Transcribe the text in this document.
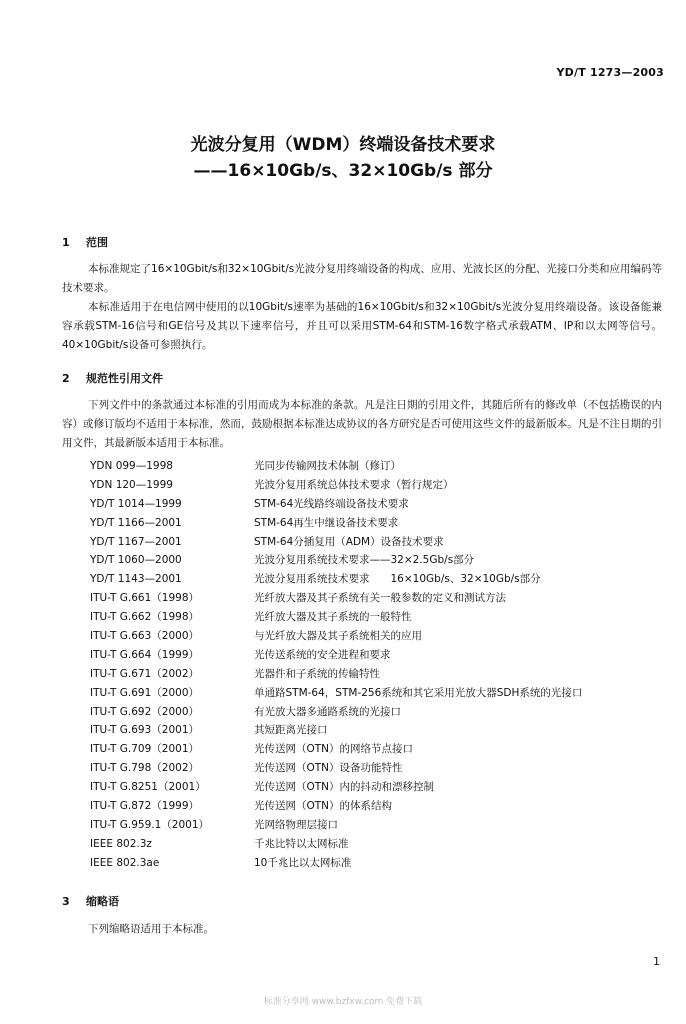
YD/T 1273—2003
光波分复用（WDM）终端设备技术要求
——16×10Gb/s、32×10Gb/s 部分
1 范围
本标准规定了16×10Gbit/s和32×10Gbit/s光波分复用终端设备的构成、应用、光波长区的分配、光接口分类和应用编码等技术要求。
本标准适用于在电信网中使用的以10Gbit/s速率为基础的16×10Gbit/s和32×10Gbit/s光波分复用终端设备。该设备能兼容承载STM-16信号和GE信号及其以下速率信号，并且可以采用STM-64和STM-16数字格式承载ATM、IP和以太网等信号。40×10Gbit/s设备可参照执行。
2 规范性引用文件
下列文件中的条款通过本标准的引用而成为本标准的条款。凡是注日期的引用文件，其随后所有的修改单（不包括勘误的内容）或修订版均不适用于本标准，然而，鼓励根据本标准达成协议的各方研究是否可使用这些文件的最新版本。凡是不注日期的引用文件，其最新版本适用于本标准。
YDN 099—1998	光同步传输网技术体制（修订）
YDN 120—1999	光波分复用系统总体技术要求（暂行规定）
YD/T 1014—1999	STM-64光线路终端设备技术要求
YD/T 1166—2001	STM-64再生中继设备技术要求
YD/T 1167—2001	STM-64分插复用（ADM）设备技术要求
YD/T 1060—2000	光波分复用系统技术要求——32×2.5Gb/s部分
YD/T 1143—2001	光波分复用系统技术要求　　16×10Gb/s、32×10Gb/s部分
ITU-T G.661（1998）	光纤放大器及其子系统有关一般参数的定义和测试方法
ITU-T G.662（1998）	光纤放大器及其子系统的一般特性
ITU-T G.663（2000）	与光纤放大器及其子系统相关的应用
ITU-T G.664（1999）	光传送系统的安全进程和要求
ITU-T G.671（2002）	光器件和子系统的传输特性
ITU-T G.691（2000）	单通路STM-64，STM-256系统和其它采用光放大器SDH系统的光接口
ITU-T G.692（2000）	有光放大器多通路系统的光接口
ITU-T G.693（2001）	其短距离光接口
ITU-T G.709（2001）	光传送网（OTN）的网络节点接口
ITU-T G.798（2002）	光传送网（OTN）设备功能特性
ITU-T G.8251（2001）	光传送网（OTN）内的抖动和漂移控制
ITU-T G.872（1999）	光传送网（OTN）的体系结构
ITU-T G.959.1（2001）	光网络物理层接口
IEEE 802.3z	千兆比特以太网标准
IEEE 802.3ae	10千兆比以太网标准
3 缩略语
下列缩略语适用于本标准。
1
标准分享网 www.bzfxw.com 免费下载
